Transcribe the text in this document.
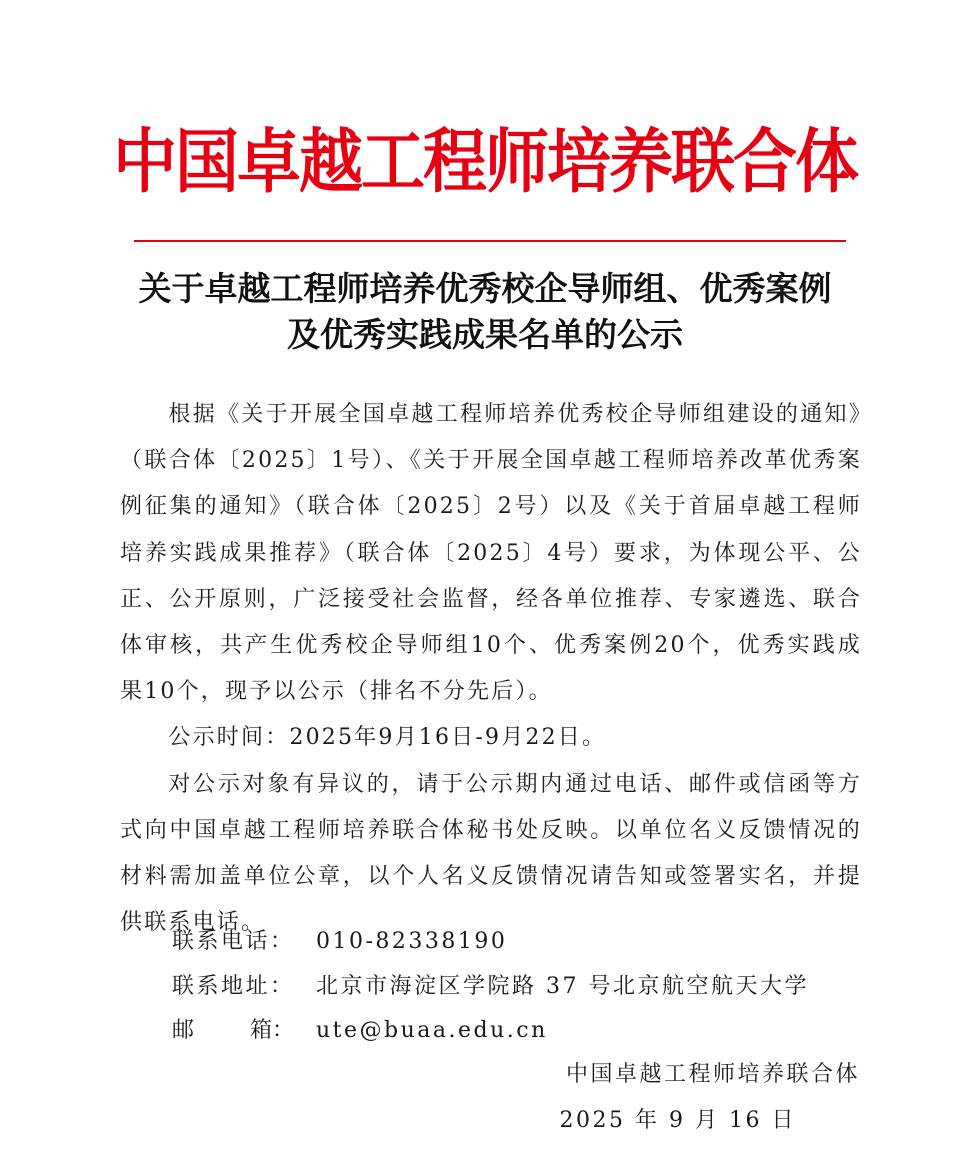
中国卓越工程师培养联合体
关于卓越工程师培养优秀校企导师组、优秀案例
及优秀实践成果名单的公示

根据《关于开展全国卓越工程师培养优秀校企导师组建设的通知》（联合体〔2025〕1号）、《关于开展全国卓越工程师培养改革优秀案例征集的通知》（联合体〔2025〕2号）以及《关于首届卓越工程师培养实践成果推荐》（联合体〔2025〕4号）要求，为体现公平、公正、公开原则，广泛接受社会监督，经各单位推荐、专家遴选、联合体审核，共产生优秀校企导师组10个、优秀案例20个，优秀实践成果10个，现予以公示（排名不分先后）。

公示时间：2025年9月16日-9月22日。

对公示对象有异议的，请于公示期内通过电话、邮件或信函等方式向中国卓越工程师培养联合体秘书处反映。以单位名义反馈情况的材料需加盖单位公章，以个人名义反馈情况请告知或签署实名，并提供联系电话。

联系电话： 010-82338190
联系地址： 北京市海淀区学院路 37 号北京航空航天大学
邮	箱： ute@buaa.edu.cn
中国卓越工程师培养联合体
2025 年 9 月 16 日
